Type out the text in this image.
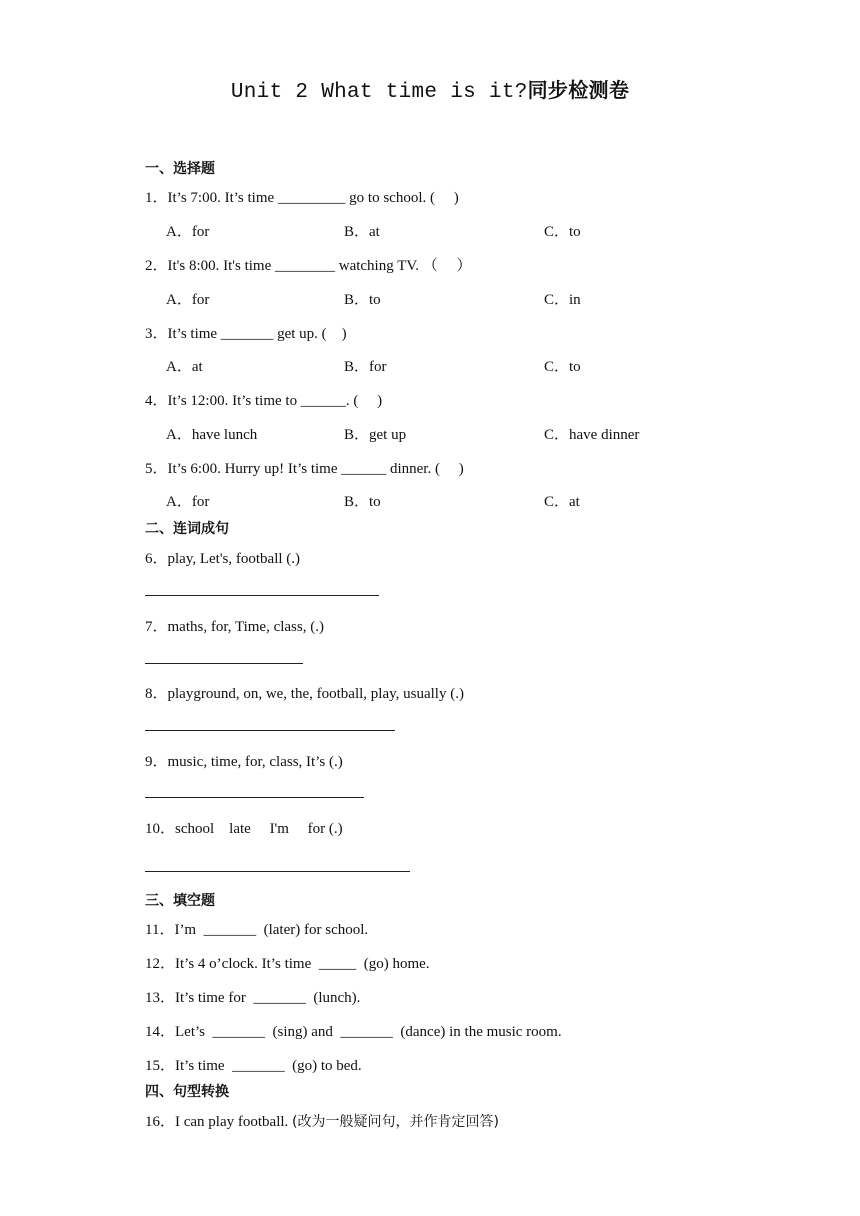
Unit 2 What time is it?同步检测卷
一、选择题
1．It’s 7:00. It’s time _________ go to school. (     )
A．for	B．at	C．to
2．It's 8:00. It's time ________ watching TV. （     ）
A．for	B．to	C．in
3．It’s time _______ get up. (    )
A．at	B．for	C．to
4．It’s 12:00. It’s time to ______. (     )
A．have lunch	B．get up	C．have dinner
5．It’s 6:00. Hurry up! It’s time ______ dinner. (     )
A．for	B．to	C．at
二、连词成句
6．play, Let's, football (.)
7．maths, for, Time, class, (.)
8．playground, on, we, the, football, play, usually (.)
9．music, time, for, class, It’s (.)
10．school    late     I'm     for (.)
三、填空题
11．I’m  _______  (later) for school.
12．It’s 4 o’clock. It’s time  _____  (go) home.
13．It’s time for  _______  (lunch).
14．Let’s  _______  (sing) and  _______  (dance) in the music room.
15．It’s time  _______  (go) to bed.
四、句型转换
16．I can play football. (改为一般疑问句，并作肯定回答)
